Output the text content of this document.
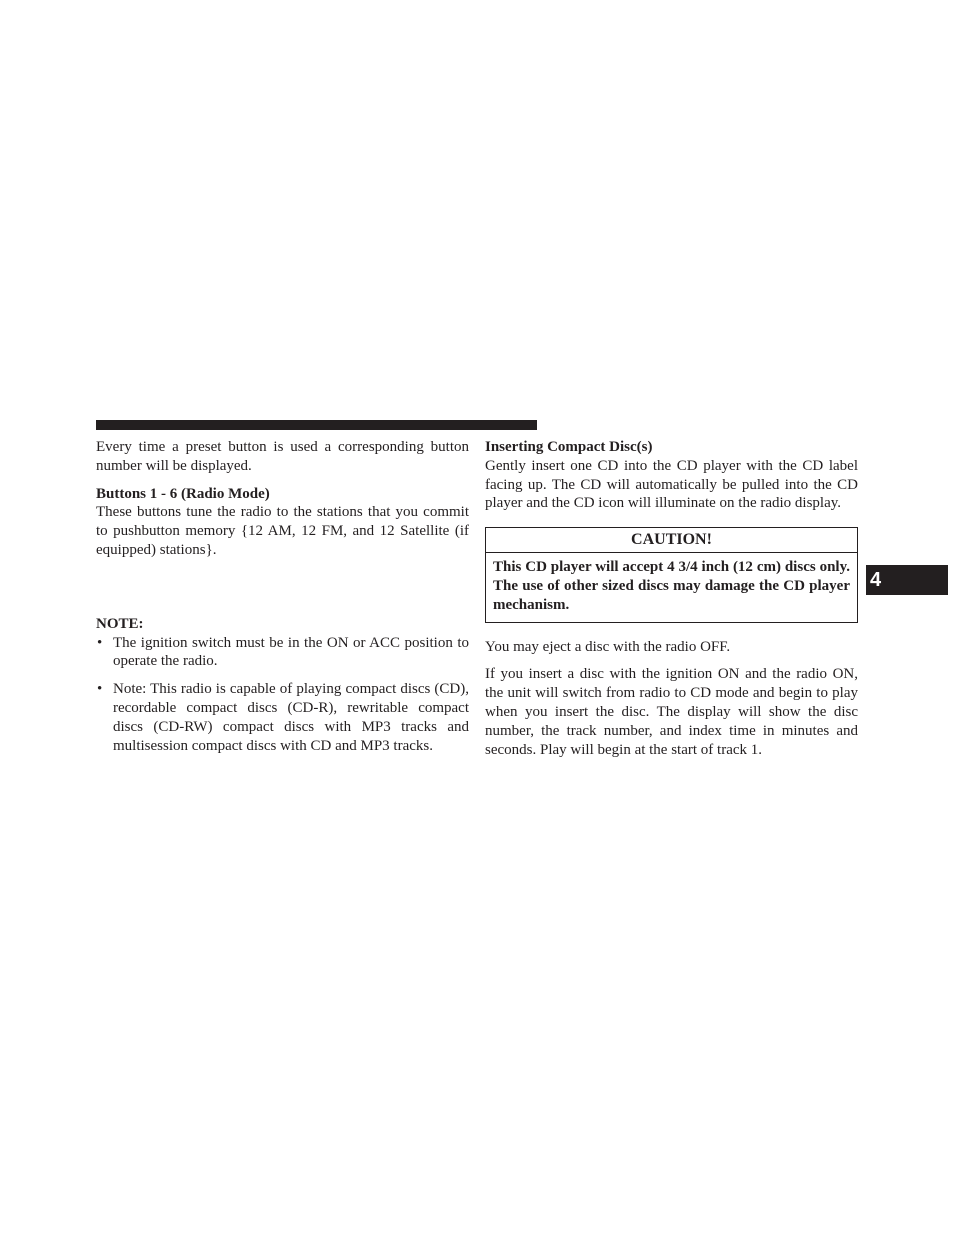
Every time a preset button is used a corresponding button number will be displayed.

Buttons 1 - 6 (Radio Mode)

These buttons tune the radio to the stations that you commit to pushbutton memory {12 AM, 12 FM, and 12 Satellite (if equipped) stations}.

NOTE:
• The ignition switch must be in the ON or ACC position to operate the radio.
• Note: This radio is capable of playing compact discs (CD), recordable compact discs (CD-R), rewritable compact discs (CD-RW) compact discs with MP3 tracks and multisession compact discs with CD and MP3 tracks.
Inserting Compact Disc(s)

Gently insert one CD into the CD player with the CD label facing up. The CD will automatically be pulled into the CD player and the CD icon will illuminate on the radio display.

CAUTION!
This CD player will accept 4 3/4 inch (12 cm) discs only. The use of other sized discs may damage the CD player mechanism.

You may eject a disc with the radio OFF.

If you insert a disc with the ignition ON and the radio ON, the unit will switch from radio to CD mode and begin to play when you insert the disc. The display will show the disc number, the track number, and index time in minutes and seconds. Play will begin at the start of track 1.

4
